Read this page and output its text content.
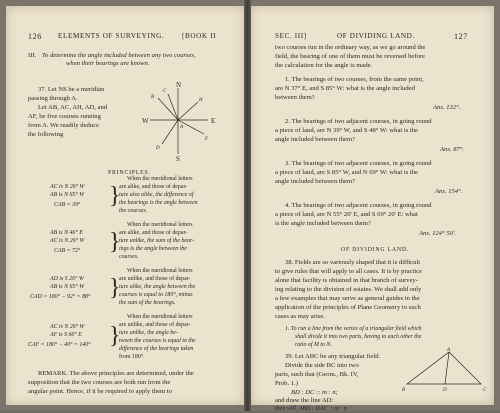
126 ELEMENTS OF SURVEYING. [BOOK II
III. To determine the angle included between any two courses,
when their bearings are known.
37. Let NS be a meridian
passing through A.
Let AB, AC, AH, AD, and
AF, be five courses running
from A. We readily deduce
the following
N
S
E
W
B
C
H
D
F
A
PRINCIPLES.
AC is N 26° W
AB is N 65° W
CAB = 39° }
When the meridional letters
are alike, and those of depar-
ture also alike, the difference of
the bearings is the angle between
the courses.
AB is N 46° E
AC is N 26° W
CAB = 72° }
When the meridional letters
are alike, and those of depar-
ture unlike, the sum of the bear-
ings is the angle between the
courses.
AD is S 26° W
AB is N 65° W
CAD = 180° − 92° = 88° }
When the meridional letters
are unlike, and those of depar-
ture alike, the angle between the
courses is equal to 180°, minus
the sum of the bearings.
AC is N 26° W
AF is S 66° E
CAF = 180° − 40° = 140° }
When the meridional letters
are unlike, and those of depar-
ture unlike, the angle be-
tween the courses is equal to the
difference of the bearings taken
from 180°.
REMARK. The above principles are determined, under the
supposition that the two courses are both run from the
angular point. Hence, if it be required to apply them to
SEC. III]	OF DIVIDING LAND.	127
two courses run in the ordinary way, as we go around the
field, the bearing of one of them must be reversed before
the calculation for the angle is made.
1. The bearings of two courses, from the same point,
are N 37° E, and S 85° W: what is the angle included
between them?
Ans. 132°.
2. The bearings of two adjacent courses, in going round
a piece of land, are N 39° W, and S 48° W: what is the
angle included between them?
Ans. 87°.
3. The bearings of two adjacent courses, in going round
a piece of land, are S 85° W, and N 69° W: what is the
angle included between them?
Ans. 154°.
4. The bearings of two adjacent courses, in going round
a piece of land, are N 55° 20' E, and S 69° 20' E: what
is the angle included between them?
Ans. 124° 50'.
OF DIVIDING LAND.
38. Fields are so variously shaped that it is difficult
to give rules that will apply to all cases. It is by practice
alone that facility is obtained in that branch of survey-
ing relating to the division of estates. We shall add only
a few examples that may serve as general guides in the
application of the principles of Plane Geometry to such
cases as may arise.
1. To run a line from the vertex of a triangular field which
shall divide it into two parts, having to each other the
ratio of M to N.
39. Let ABC be any triangular field.
Divide the side BC into two
parts, such that (Geom., Bk. IV,
Prob. 1.)
BD : DC :: m : n;
and draw the line AD:
then will, ABD : DAC :: m : n.
A
B	C
D
